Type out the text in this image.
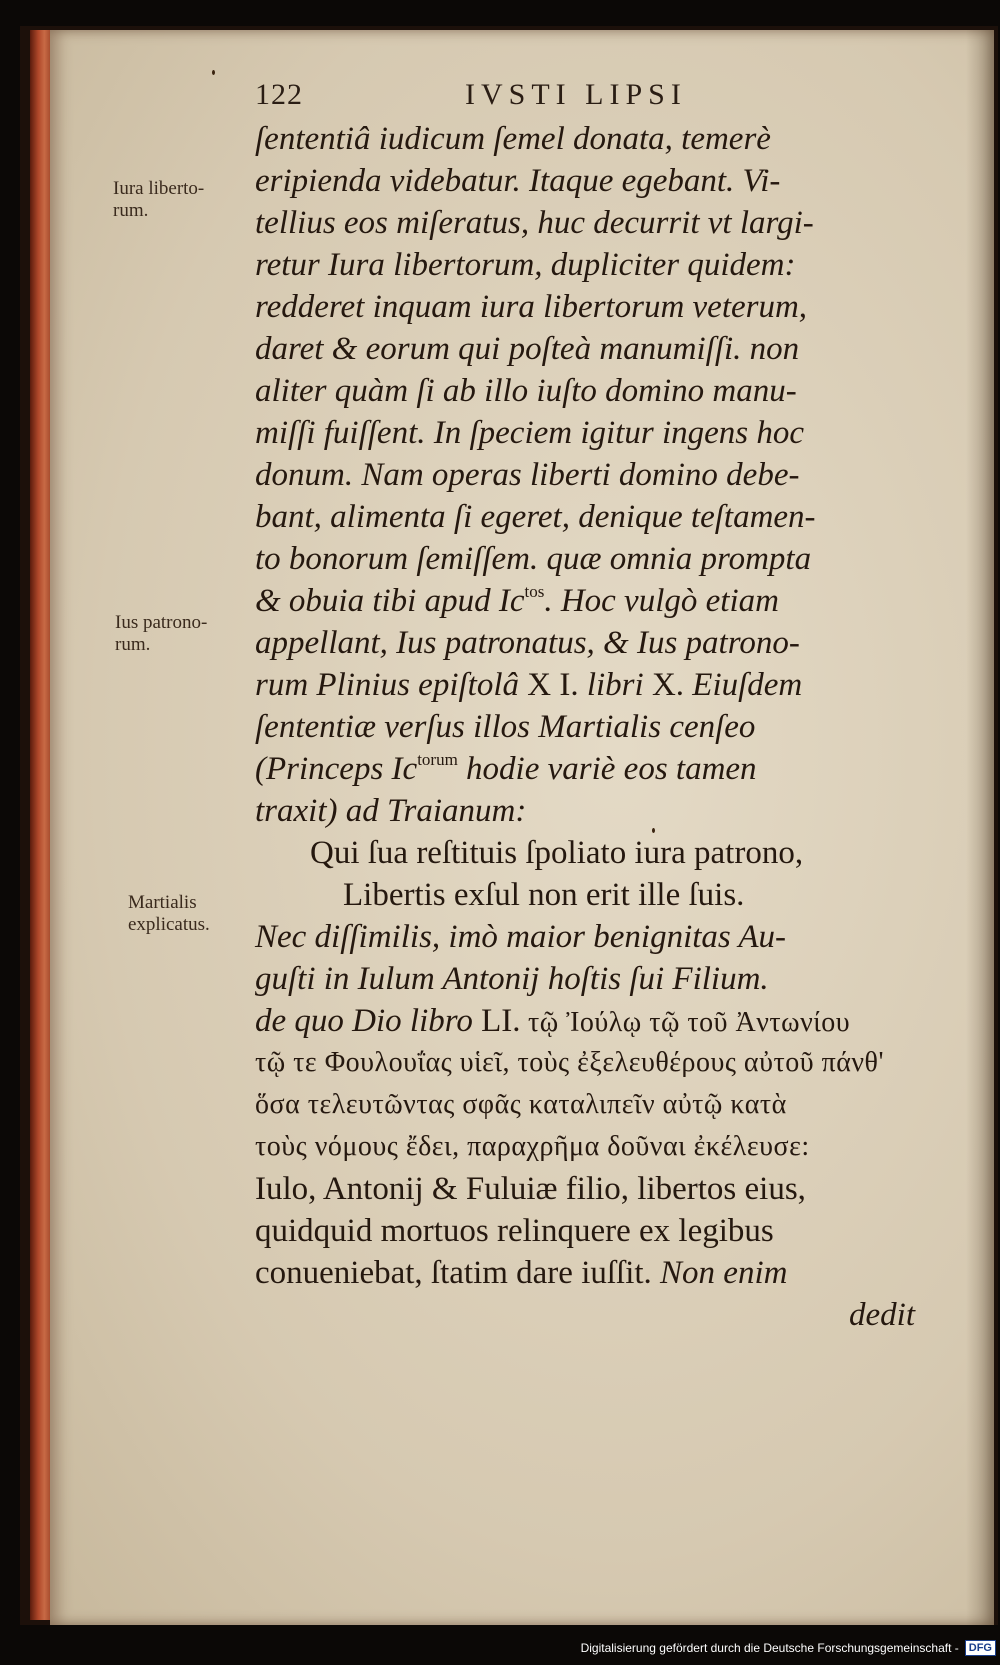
122	IVSTI LIPSI
Iura liberto-
rum.
Ius patrono-
rum.
Martialis
explicatus.
ſententiâ iudicum ſemel donata, temerè
eripienda videbatur. Itaque egebant. Vi-
tellius eos miſeratus, huc decurrit vt largi-
retur Iura libertorum, dupliciter quidem:
redderet inquam iura libertorum veterum,
daret & eorum qui poſteà manumiſſi. non
aliter quàm ſi ab illo iuſto domino manu-
miſſi fuiſſent. In ſpeciem igitur ingens hoc
donum. Nam operas liberti domino debe-
bant, alimenta ſi egeret, denique teſtamen-
to bonorum ſemiſſem. quæ omnia prompta
& obuia tibi apud $Ic^{tos}$. Hoc vulgò etiam
appellant, Ius patronatus, & Ius patrono-
rum Plinius epiſtolâ X I. libri X. Eiuſdem
ſententiæ verſus illos Martialis cenſeo
(Princeps $Ic^{torum}$ hodie variè eos tamen
traxit) ad Traianum:
Qui ſua reſtituis ſpoliato iura patrono,
Libertis exſul non erit ille ſuis.
Nec diſſimilis, imò maior benignitas Au-
guſti in Iulum Antonij hoſtis ſui Filium.
de quo Dio libro LI. τῷ Ἰούλῳ τῷ τοῦ Ἀντωνίου
τῷ τε Φουλουΐας υἱεῖ, τοὺς ἐξελευθέρους αὐτοῦ πάνθ'
ὅσα τελευτῶντας σφᾶς καταλιπεῖν αὐτῷ κατὰ
τοὺς νόμους ἔδει, παραχρῆμα δοῦναι ἐκέλευσε:
Iulo, Antonij & Fuluiæ filio, libertos eius,
quidquid mortuos relinquere ex legibus
conueniebat, ſtatim dare iuſſit. Non enim
dedit
Digitalisierung gefördert durch die Deutsche Forschungsgemeinschaft - DFG
